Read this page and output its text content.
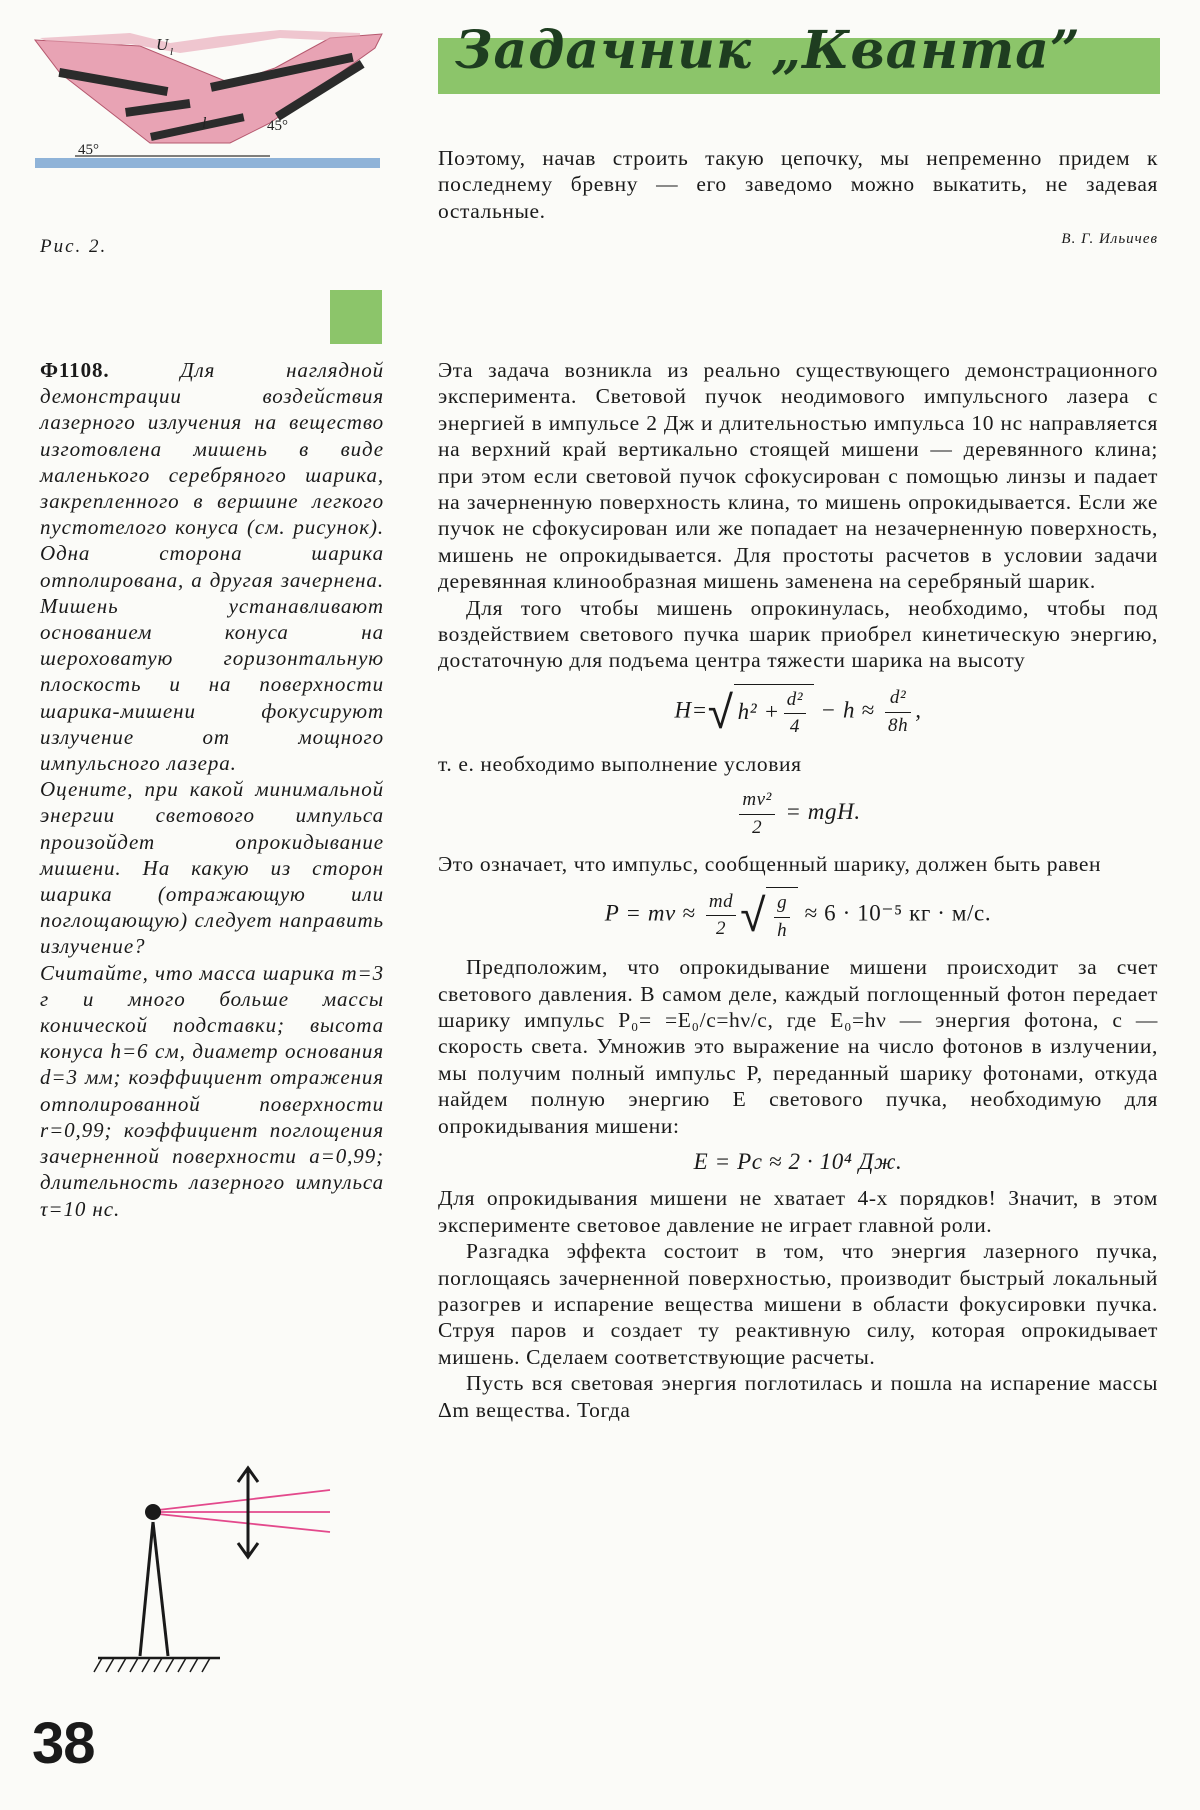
U l
l
45°
45°
Рис. 2.
Задачник „Кванта”

Поэтому, начав строить такую цепочку, мы непременно придем к последнему бревну — его заведомо можно выкатить, не задевая остальные.

В. Г. Ильичев

Ф1108.	Для наглядной демонстрации воздействия лазерного излучения на вещество изготовлена мишень в виде маленького серебряного шарика, закрепленного в вершине легкого пустотелого конуса (см. рисунок). Одна сторона шарика отполирована, а другая зачернена. Мишень устанавливают основанием конуса на шероховатую горизонтальную плоскость и на поверхности шарика-мишени фокусируют излучение от мощного импульсного лазера.

Оцените, при какой минимальной энергии светового импульса произойдет опрокидывание мишени. На какую из сторон шарика (отражающую или поглощающую) следует направить излучение?

Считайте, что масса шарика m=3 г и много больше массы конической подставки; высота конуса h=6 см, диаметр основания d=3 мм; коэффициент отражения отполированной поверхности r=0,99; коэффициент поглощения зачерненной поверхности a=0,99; длительность лазерного импульса τ=10 нс.

Эта задача возникла из реально существующего демонстрационного эксперимента. Световой пучок неодимового импульсного лазера с энергией в импульсе 2 Дж и длительностью импульса 10 нс направляется на верхний край вертикально стоящей мишени — деревянного клина; при этом если световой пучок сфокусирован с помощью линзы и падает на зачерненную поверхность клина, то мишень опрокидывается. Если же пучок не сфокусирован или же попадает на незачерненную поверхность, мишень не опрокидывается. Для простоты расчетов в условии задачи деревянная клинообразная мишень заменена на серебряный шарик.

Для того чтобы мишень опрокинулась, необходимо, чтобы под воздействием светового пучка шарик приобрел кинетическую энергию, достаточную для подъема центра тяжести шарика на высоту

H=√ $h^2 + \frac{\text{d²}}{4} - h \approx \frac{\text{d²}}{8h}$ ,

т. е. необходимо выполнение условия

$\frac{\text{mv²}}{2}$ = mgH.

Это означает, что импульс, сообщенный шарику, должен быть равен

P = mv ≈ $\frac{md}{2}$ √ $\frac{g}{h} \approx 6 \cdot 10^{-5}$ кг · м/с.

Предположим, что опрокидывание мишени происходит за счет светового давления. В самом деле, каждый поглощенный фотон передает шарику импульс P₀= =E₀/c=hν/c, где E₀=hν — энергия фотона, c — скорость света. Умножив это выражение на число фотонов в излучении, мы получим полный импульс P, переданный шарику фотонами, откуда найдем полную энергию E светового пучка, необходимую для опрокидывания мишени:

E = Pc ≈ 2 · 10⁴ Дж.

Для опрокидывания мишени не хватает 4-х порядков! Значит, в этом эксперименте световое давление не играет главной роли.

Разгадка эффекта состоит в том, что энергия лазерного пучка, поглощаясь зачерненной поверхностью, производит быстрый локальный разогрев и испарение вещества мишени в области фокусировки пучка. Струя паров и создает ту реактивную силу, которая опрокидывает мишень. Сделаем соответствующие расчеты.

Пусть вся световая энергия поглотилась и пошла на испарение массы Δm вещества. Тогда

38
